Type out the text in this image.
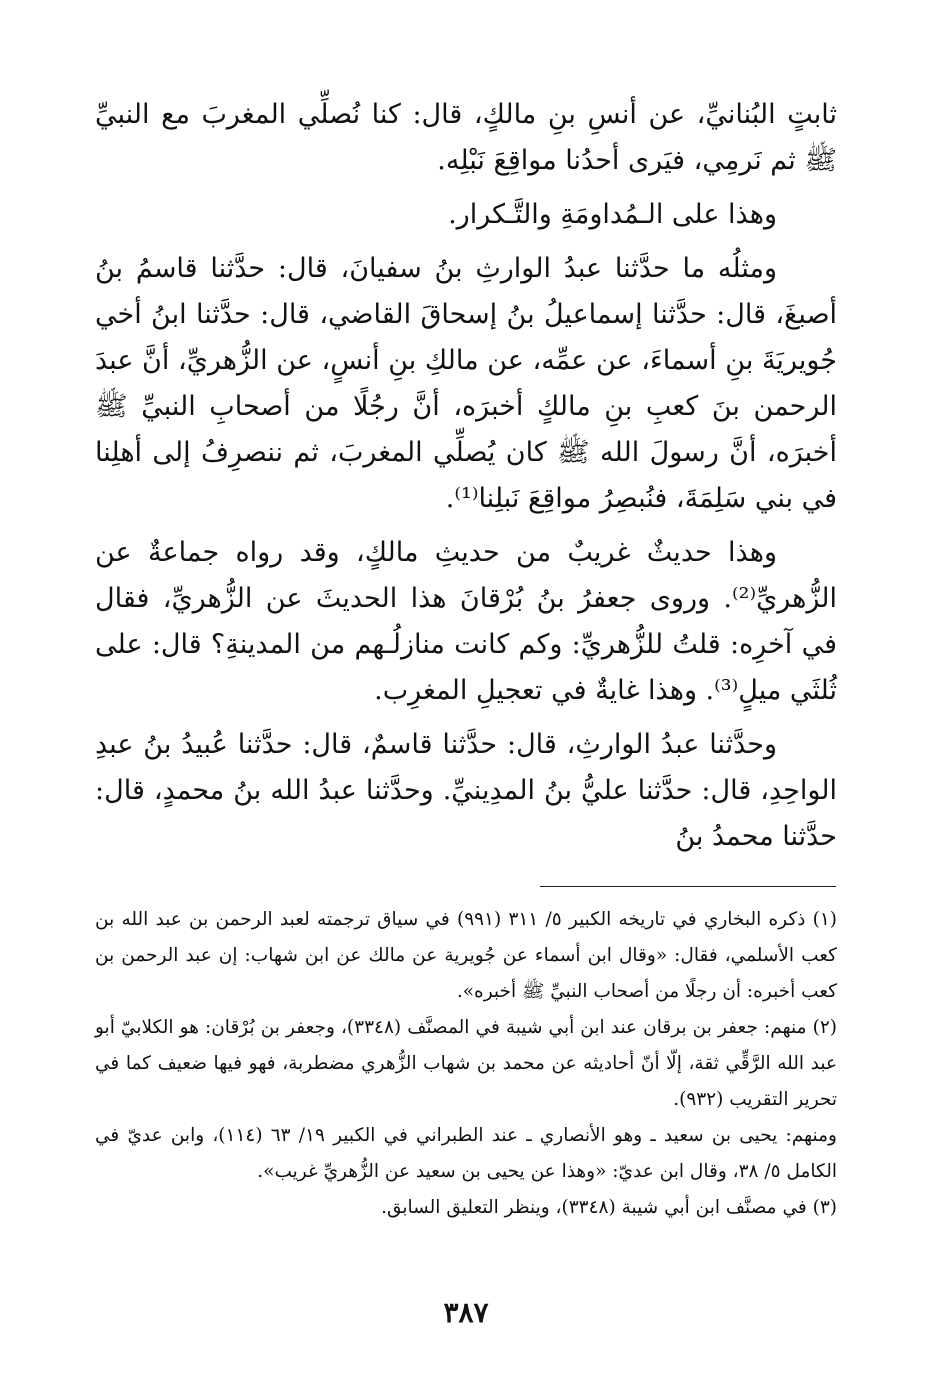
ثابتٍ البُنانيِّ، عن أنسِ بنِ مالكٍ، قال: كنا نُصلِّي المغربَ مع النبيِّ ﷺ ثم نَرمِي، فيَرى أحدُنا مواقِعَ نَبْلِه.

وهذا على الـمُداومَةِ والتَّـكرار.

ومثلُه ما حدَّثنا عبدُ الوارثِ بنُ سفيانَ، قال: حدَّثنا قاسمُ بنُ أصبغَ، قال: حدَّثنا إسماعيلُ بنُ إسحاقَ القاضي، قال: حدَّثنا ابنُ أخي جُويريَةَ بنِ أسماءَ، عن عمِّه، عن مالكِ بنِ أنسٍ، عن الزُّهريِّ، أنَّ عبدَ الرحمن بنَ كعبِ بنِ مالكٍ أخبرَه، أنَّ رجُلًا من أصحابِ النبيِّ ﷺ أخبرَه، أنَّ رسولَ الله ﷺ كان يُصلِّي المغربَ، ثم ننصرِفُ إلى أهلِنا في بني سَلِمَةَ، فنُبصِرُ مواقِعَ نَبلِنا⁽¹⁾.

وهذا حديثٌ غريبٌ من حديثِ مالكٍ، وقد رواه جماعةٌ عن الزُّهريِّ⁽²⁾. وروى جعفرُ بنُ بُرْقانَ هذا الحديثَ عن الزُّهريِّ، فقال في آخرِه: قلتُ للزُّهريِّ: وكم كانت منازلُـهم من المدينةِ؟ قال: على ثُلثَي ميلٍ⁽³⁾. وهذا غايةٌ في تعجيلِ المغرِب.

وحدَّثنا عبدُ الوارثِ، قال: حدَّثنا قاسمٌ، قال: حدَّثنا عُبيدُ بنُ عبدِ الواحِدِ، قال: حدَّثنا عليُّ بنُ المدِينيِّ. وحدَّثنا عبدُ الله بنُ محمدٍ، قال: حدَّثنا محمدُ بنُ

(١) ذكره البخاري في تاريخه الكبير ٥/ ٣١١ (٩٩١) في سياق ترجمته لعبد الرحمن بن عبد الله بن كعب الأسلمي، فقال: «وقال ابن أسماء عن جُويرية عن مالك عن ابن شهاب: إن عبد الرحمن بن كعب أخبره: أن رجلًا من أصحاب النبيِّ ﷺ أخبره».

(٢) منهم: جعفر بن برقان عند ابن أبي شيبة في المصنَّف (٣٣٤٨)، وجعفر بن بُرْقان: هو الكلابيّ أبو عبد الله الرَّقِّي ثقة، إلّا أنّ أحاديثه عن محمد بن شهاب الزُّهري مضطربة، فهو فيها ضعيف كما في تحرير التقريب (٩٣٢).

ومنهم: يحيى بن سعيد ـ وهو الأنصاري ـ عند الطبراني في الكبير ١٩/ ٦٣ (١١٤)، وابن عديّ في الكامل ٥/ ٣٨، وقال ابن عديّ: «وهذا عن يحيى بن سعيد عن الزُّهريِّ غريب».

(٣) في مصنَّف ابن أبي شيبة (٣٣٤٨)، وينظر التعليق السابق.

٣٨٧
